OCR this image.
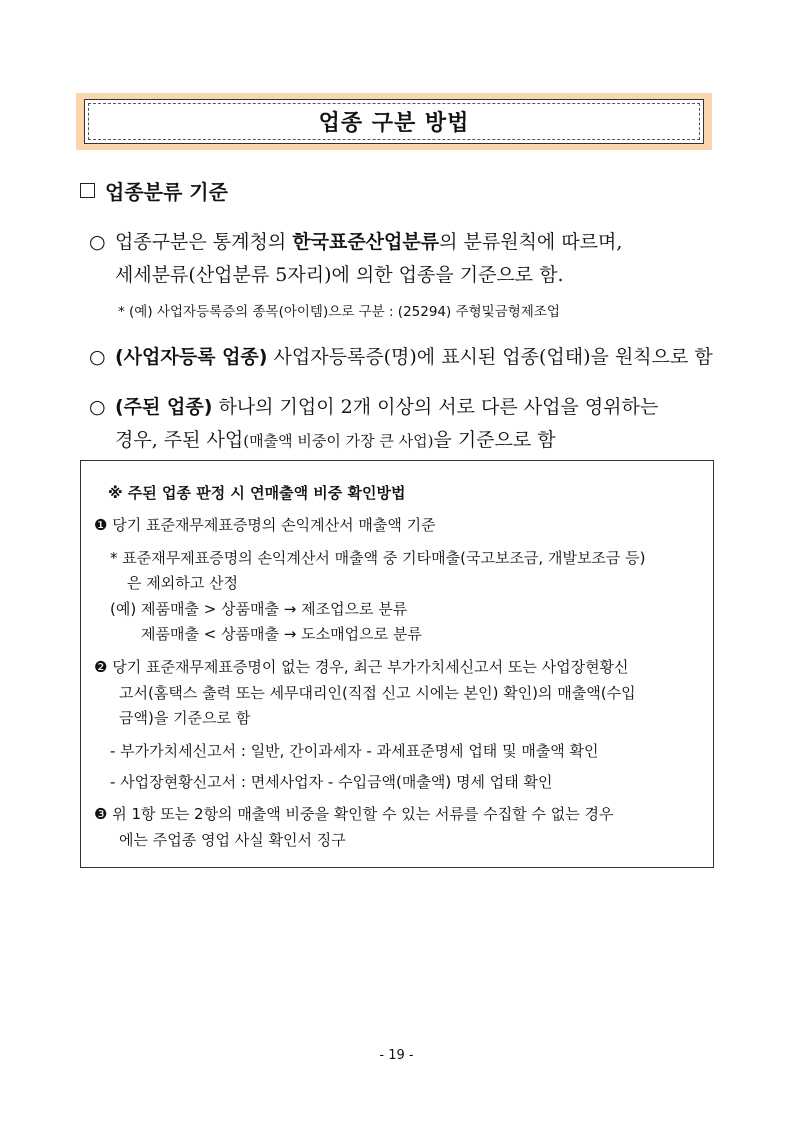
업종 구분 방법
업종분류 기준
○ 업종구분은 통계청의 한국표준산업분류의 분류원칙에 따르며,
세세분류(산업분류 5자리)에 의한 업종을 기준으로 함.
* (예) 사업자등록증의 종목(아이템)으로 구분 : (25294) 주형및금형제조업
○ (사업자등록 업종) 사업자등록증(명)에 표시된 업종(업태)을 원칙으로 함
○ (주된 업종) 하나의 기업이 2개 이상의 서로 다른 사업을 영위하는
경우, 주된 사업(매출액 비중이 가장 큰 사업)을 기준으로 함
※ 주된 업종 판정 시 연매출액 비중 확인방법
❶ 당기 표준재무제표증명의 손익계산서 매출액 기준
* 표준재무제표증명의 손익계산서 매출액 중 기타매출(국고보조금, 개발보조금 등)
은 제외하고 산정
(예) 제품매출 > 상품매출 → 제조업으로 분류
제품매출 < 상품매출 → 도소매업으로 분류
❷ 당기 표준재무제표증명이 없는 경우, 최근 부가가치세신고서 또는 사업장현황신
고서(홈택스 출력 또는 세무대리인(직접 신고 시에는 본인) 확인)의 매출액(수입
금액)을 기준으로 함
- 부가가치세신고서 : 일반, 간이과세자 - 과세표준명세 업태 및 매출액 확인
- 사업장현황신고서 : 면세사업자 - 수입금액(매출액) 명세 업태 확인
❸ 위 1항 또는 2항의 매출액 비중을 확인할 수 있는 서류를 수집할 수 없는 경우
에는 주업종 영업 사실 확인서 징구
- 19 -
